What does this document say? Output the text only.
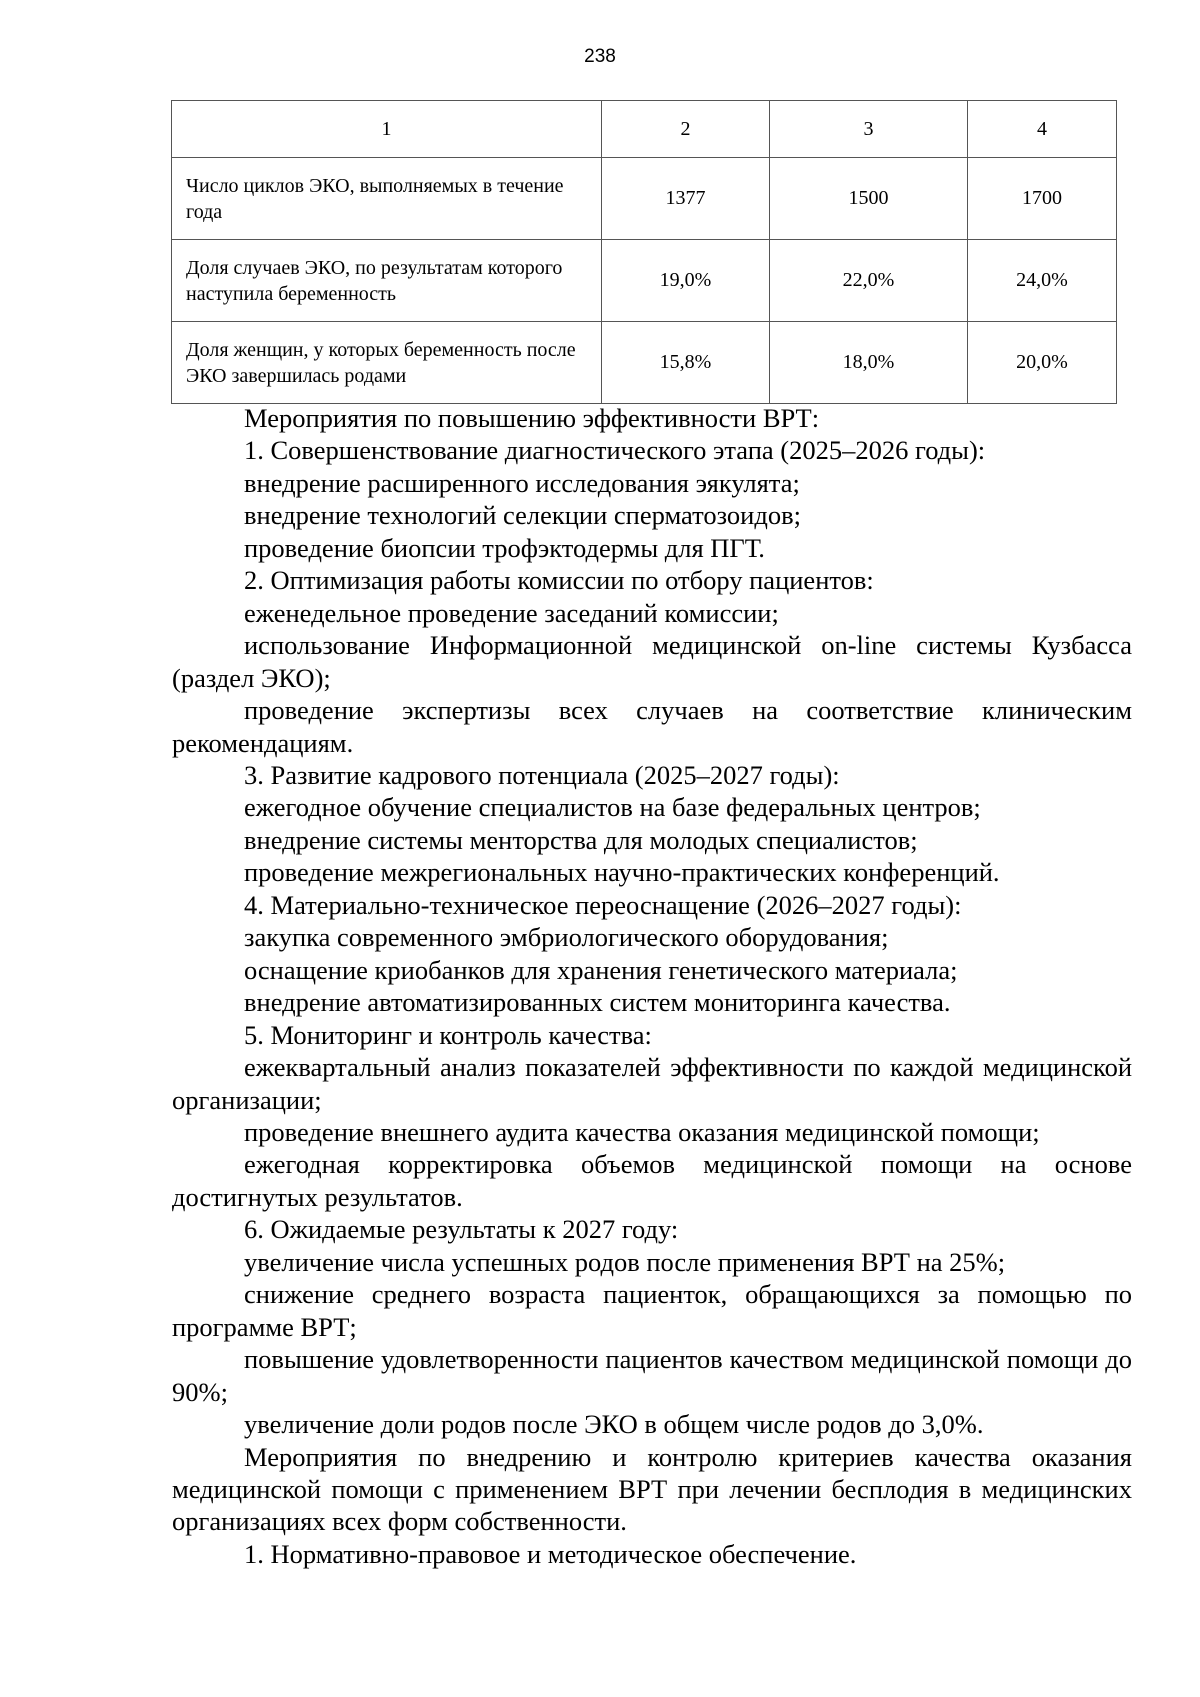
238
1	2	3	4
Число циклов ЭКО, выполняемых в течение года	1377	1500	1700
Доля случаев ЭКО, по результатам которого наступила беременность	19,0%	22,0%	24,0%
Доля женщин, у которых беременность после ЭКО завершилась родами	15,8%	18,0%	20,0%

Мероприятия по повышению эффективности ВРТ:

1. Совершенствование диагностического этапа (2025–2026 годы):

внедрение расширенного исследования эякулята;

внедрение технологий селекции сперматозоидов;

проведение биопсии трофэктодермы для ПГТ.

2. Оптимизация работы комиссии по отбору пациентов:

еженедельное проведение заседаний комиссии;

использование Информационной медицинской on-line системы Кузбасса (раздел ЭКО);

проведение экспертизы всех случаев на соответствие клиническим рекомендациям.

3. Развитие кадрового потенциала (2025–2027 годы):

ежегодное обучение специалистов на базе федеральных центров;

внедрение системы менторства для молодых специалистов;

проведение межрегиональных научно-практических конференций.

4. Материально-техническое переоснащение (2026–2027 годы):

закупка современного эмбриологического оборудования;

оснащение криобанков для хранения генетического материала;

внедрение автоматизированных систем мониторинга качества.

5. Мониторинг и контроль качества:

ежеквартальный анализ показателей эффективности по каждой медицинской организации;

проведение внешнего аудита качества оказания медицинской помощи;

ежегодная корректировка объемов медицинской помощи на основе достигнутых результатов.

6. Ожидаемые результаты к 2027 году:

увеличение числа успешных родов после применения ВРТ на 25%;

снижение среднего возраста пациенток, обращающихся за помощью по программе ВРТ;

повышение удовлетворенности пациентов качеством медицинской помощи до 90%;

увеличение доли родов после ЭКО в общем числе родов до 3,0%.

Мероприятия по внедрению и контролю критериев качества оказания медицинской помощи с применением ВРТ при лечении бесплодия в медицинских организациях всех форм собственности.

1. Нормативно-правовое и методическое обеспечение.
